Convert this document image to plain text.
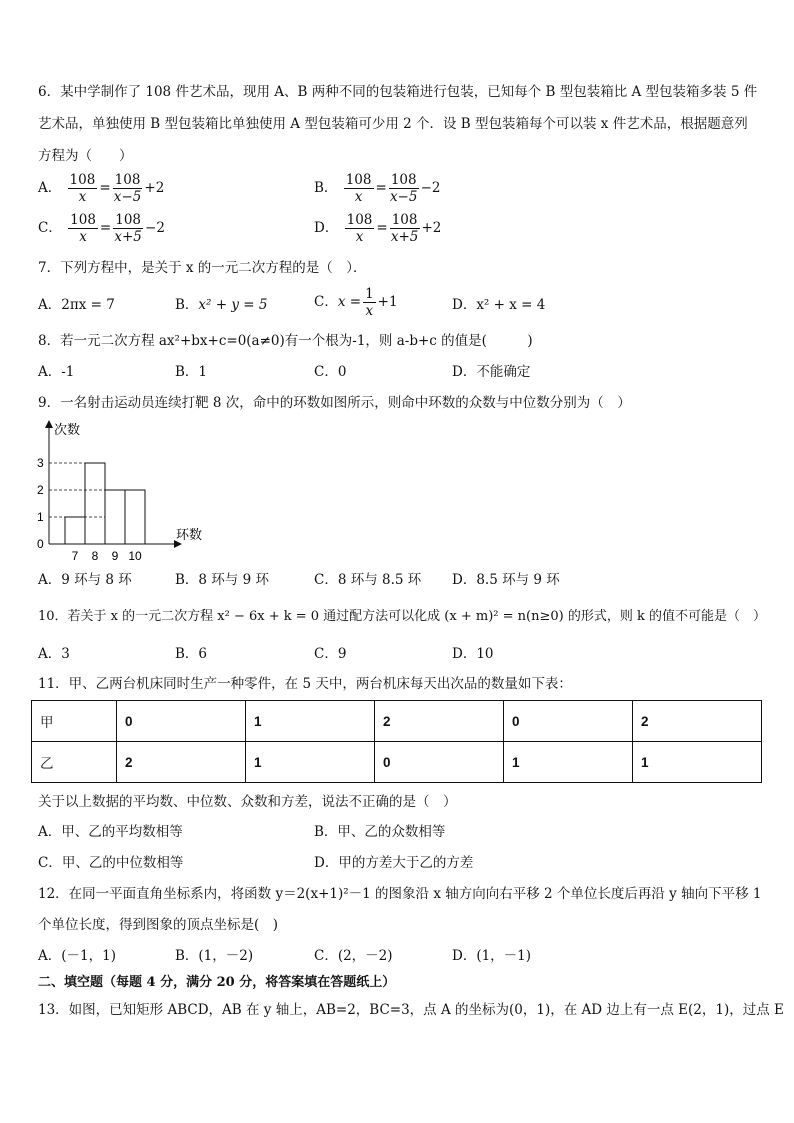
6．某中学制作了 108 件艺术品，现用 A、B 两种不同的包装箱进行包装，已知每个 B 型包装箱比 A 型包装箱多装 5 件
艺术品，单独使用 B 型包装箱比单独使用 A 型包装箱可少用 2 个．设 B 型包装箱每个可以装 x 件艺术品，根据题意列
方程为（　　）
A． $\frac{108}{x} = \frac{108}{x-5} +2$	B． $\frac{108}{x} = \frac{108}{x-5} -2$
C． $\frac{108}{x} = \frac{108}{x+5} -2$	D． $\frac{108}{x} = \frac{108}{x+5} +2$
7．下列方程中，是关于 x 的一元二次方程的是（　）．
A．2πx = 7	B．x² + y = 5	C．$x = \frac{1}{x} +1$	D．x² + x = 4
8．若一元二次方程 ax²+bx+c=0(a≠0)有一个根为-1，则 a-b+c 的值是(　　　)
A．-1	B．1	C．0	D．不能确定
9．一名射击运动员连续打靶 8 次，命中的环数如图所示，则命中环数的众数与中位数分别为（　）
次数
环数
0
1
2
3
7 8 9 10
A．9 环与 8 环	B．8 环与 9 环	C．8 环与 8.5 环 D．8.5 环与 9 环
10．若关于 x 的一元二次方程 x² − 6x + k = 0 通过配方法可以化成 (x + m)² = n(n≥0) 的形式，则 k 的值不可能是（　）
A．3	B．6	C．9	D．10
11．甲、乙两台机床同时生产一种零件，在 5 天中，两台机床每天出次品的数量如下表：
甲	0	1	2	0	2
乙	2	1	0	1	1
关于以上数据的平均数、中位数、众数和方差，说法不正确的是（　）
A．甲、乙的平均数相等	B．甲、乙的众数相等
C．甲、乙的中位数相等	D．甲的方差大于乙的方差
12．在同一平面直角坐标系内，将函数 y＝2(x+1)²－1 的图象沿 x 轴方向向右平移 2 个单位长度后再沿 y 轴向下平移 1
个单位长度，得到图象的顶点坐标是(　)
A．(－1，1)	B．(1，－2)	C．(2，－2)	D．(1，－1)
二、填空题（每题 4 分，满分 20 分，将答案填在答题纸上）
13．如图，已知矩形 ABCD，AB 在 y 轴上，AB=2，BC=3，点 A 的坐标为(0，1)，在 AD 边上有一点 E(2，1)，过点 E
